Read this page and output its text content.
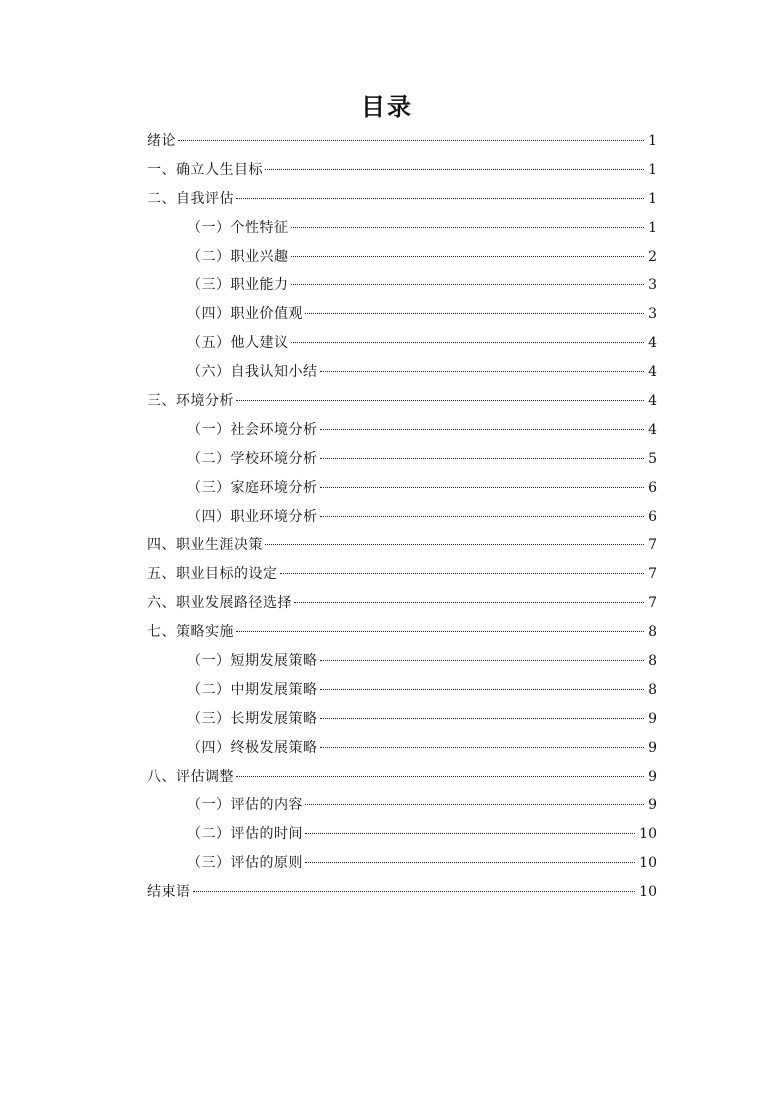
目录
绪论	1
一、确立人生目标	1
二、自我评估	1
（一）个性特征	1
（二）职业兴趣	2
（三）职业能力	3
（四）职业价值观	3
（五）他人建议	4
（六）自我认知小结	4
三、环境分析	4
（一）社会环境分析	4
（二）学校环境分析	5
（三）家庭环境分析	6
（四）职业环境分析	6
四、职业生涯决策	7
五、职业目标的设定	7
六、职业发展路径选择	7
七、策略实施	8
（一）短期发展策略	8
（二）中期发展策略	8
（三）长期发展策略	9
（四）终极发展策略	9
八、评估调整	9
（一）评估的内容	9
（二）评估的时间	10
（三）评估的原则	10
结束语	10
